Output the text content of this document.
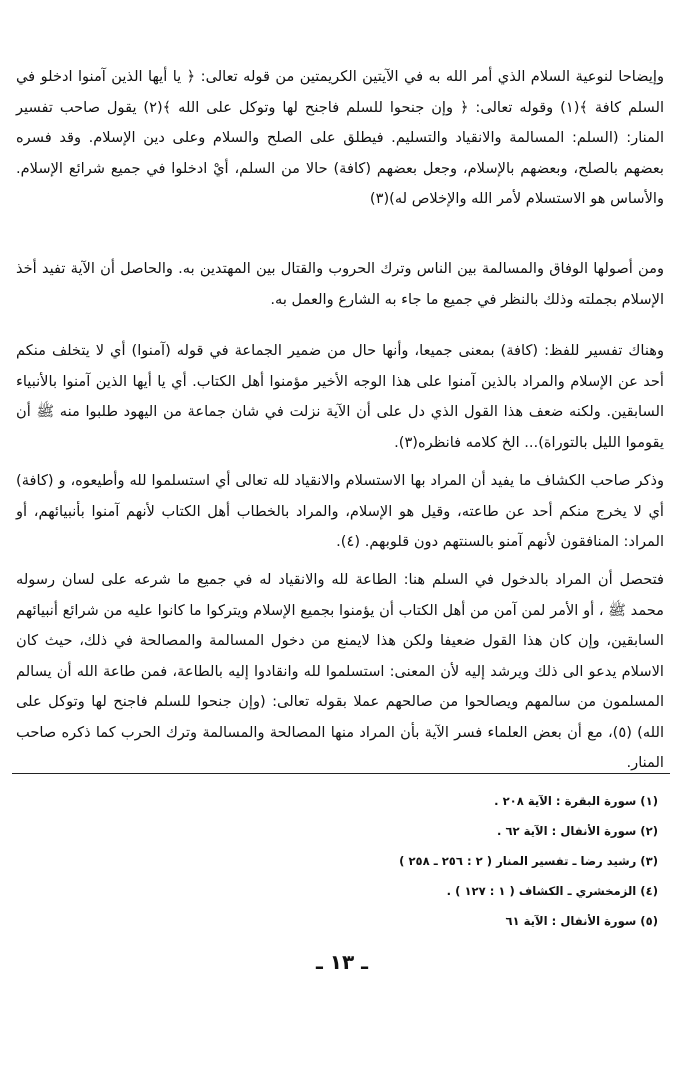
وإيضاحا لنوعية السلام الذي أمر الله به في الآيتين الكريمتين من قوله تعالى: ﴿ يا أيها الذين آمنوا ادخلو في السلم كافة ﴾(١) وقوله تعالى: ﴿ وإن جنحوا للسلم فاجنح لها وتوكل على الله ﴾(٢) يقول صاحب تفسير المنار: (السلم: المسالمة والانقياد والتسليم. فيطلق على الصلح والسلام وعلى دين الإسلام. وقد فسره بعضهم بالصلح، وبعضهم بالإسلام، وجعل بعضهم (كافة) حالا من السلم، أيْ ادخلوا في جميع شرائع الإسلام. والأساس هو الاستسلام لأمر الله والإخلاص له)(٣)

ومن أصولها الوفاق والمسالمة بين الناس وترك الحروب والقتال بين المهتدين به. والحاصل أن الآية تفيد أخذ الإسلام بجملته وذلك بالنظر في جميع ما جاء به الشارع والعمل به.

وهناك تفسير للفظ: (كافة) بمعنى جميعا، وأنها حال من ضمير الجماعة في قوله (آمنوا) أي لا يتخلف منكم أحد عن الإسلام والمراد بالذين آمنوا على هذا الوجه الأخير مؤمنوا أهل الكتاب. أي يا أيها الذين آمنوا بالأنبياء السابقين. ولكنه ضعف هذا القول الذي دل على أن الآية نزلت في شان جماعة من اليهود طلبوا منه ﷺ أن يقوموا الليل بالتوراة)... الخ كلامه فانظره(٣).

وذكر صاحب الكشاف ما يفيد أن المراد بها الاستسلام والانقياد لله تعالى أي استسلموا لله وأطيعوه، و (كافة) أي لا يخرج منكم أحد عن طاعته، وقيل هو الإسلام، والمراد بالخطاب أهل الكتاب لأنهم آمنوا بأنبيائهم، أو المراد: المنافقون لأنهم آمنو بالسنتهم دون قلوبهم. (٤).

فتحصل أن المراد بالدخول في السلم هنا: الطاعة لله والانقياد له في جميع ما شرعه على لسان رسوله محمد ﷺ ، أو الأمر لمن آمن من أهل الكتاب أن يؤمنوا بجميع الإسلام ويتركوا ما كانوا عليه من شرائع أنبيائهم السابقين، وإن كان هذا القول ضعيفا ولكن هذا لايمنع من دخول المسالمة والمصالحة في ذلك، حيث كان الاسلام يدعو الى ذلك ويرشد إليه لأن المعنى: استسلموا لله وانقادوا إليه بالطاعة، فمن طاعة الله أن يسالم المسلمون من سالمهم ويصالحوا من صالحهم عملا بقوله تعالى: (وإن جنحوا للسلم فاجنح لها وتوكل على الله) (٥)، مع أن بعض العلماء فسر الآية بأن المراد منها المصالحة والمسالمة وترك الحرب كما ذكره صاحب المنار.

(١) سورة البقرة : الآية ٢٠٨ .
(٢) سورة الأنفال : الآية ٦٢ .
(٣) رشيد رضا ـ تفسير المنار ( ٢ : ٢٥٦ ـ ٢٥٨ )
(٤) الزمخشري ـ الكشاف ( ١ : ١٢٧ ) .
(٥) سورة الأنفال : الآية ٦١
ـ ١٣ ـ
